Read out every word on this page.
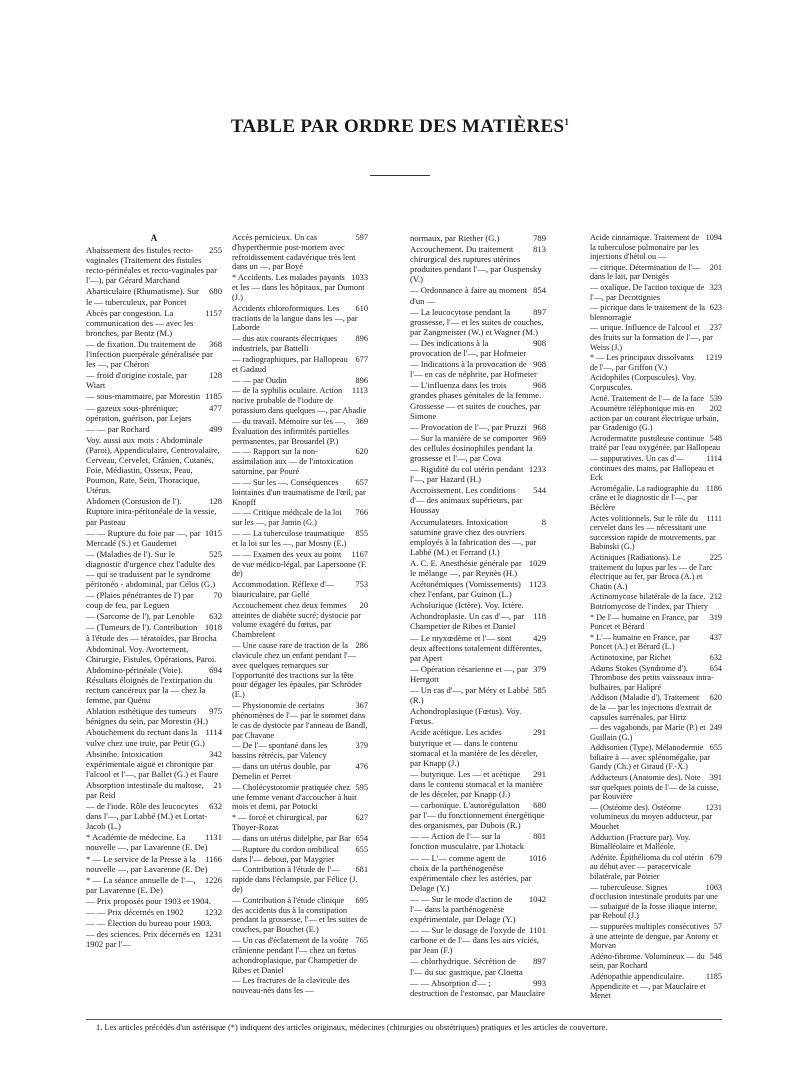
TABLE PAR ORDRE DES MATIÈRES$^1$
A
255
Abaissement des fistules recto-vaginales (Traitement des fistules recto-périnéales et recto-vaginales par l'—), par Gérard Marchand
680
Abarticulaire (Rhumatisme). Sur le — tuberculeux, par Poncet
1157
Abcès par congestion. La communication des — avec les bronches, par Bentz (M.)
368
— de fixation. Du traitement de l'infection puerpérale généralisée par les —, par Chéron
128
— froid d'origine costale, par Wiart
1185
— sous-mammaire, par Morestin
477
— gazeux sous-phrénique; opération, guérison, par Lejars
499
— — par Rochard
Voy. aussi aux mots : Abdominale (Paroi), Appendiculaire, Centrovalaire, Cerveau, Cervelet, Crânien, Cutanés, Foie, Médiastin, Osseux, Peau, Poumon, Rate, Sein, Thoracique, Utérus.
128
Abdomen (Contusion de l'). Rupture intra-péritonéale de la vessie, par Pasteau
1015
— — Rupture du foie par —, par Mercadé (S.) et Gaudemet
525
— (Maladies de l'). Sur le diagnostic d'urgence chez l'adulte des — qui se traduisent par le syndrome péritonéo - abdominal, par Célos (G.)
70
— (Plaies pénétrantes de l') par coup de feu, par Leguen
632
— (Sarcome de l'), par Lenoble
1018
— (Tumeurs de l'). Contribution à l'étude des — tératoïdes, par Brocha
Abdominal. Voy. Avortement, Chirurgie, Fistules, Opérations, Paroi.
694
Abdomino-périnéale (Voie). Résultats éloignés de l'extirpation du rectum cancéreux par la — chez la femme, par Quénu
975
Ablation esthétique des tumeurs bénignes du sein, par Morestin (H.)
1114
Abouchement du rectum dans la vulve chez une truie, par Petit (G.)
342
Absinthe. Intoxication expérimentale aiguë et chronique par l'alcool et l'—, par Ballet (G.) et Faure
21
Absorption intestinale du maltose, par Reid
632
— de l'iode. Rôle des leucocytes dans l'—, par Labbé (M.) et Lortat-Jacob (L.)
1131
* Académie de médecine. La nouvelle —, par Lavarenne (E. De)
1166
* — Le service de la Presse à la nouvelle —, par Lavarenne (E. De)
1226
* — La séance annuelle de l'—, par Lavarenne (E. De)
— Prix proposés pour 1903 et 1904.
1232
— — Prix décernés en 1902
— — Élection du bureau pour 1903.
1231
— des sciences. Prix décernés en 1902 par l'—
597
Accès pernicieux. Un cas d'hyperthermie post-mortem avec refroidissement cadavérique très lent dans un —, par Boyé
1033
* Accidents. Les malades payants et les — dans les hôpitaux, par Dumont (J.)
610
Accidents chloroformiques. Les tractions de la langue dans les —, par Laborde
896
— dus aux courants électriques industriels, par Battelli
677
— radiographiques, par Hallopeau et Gadaud
896
— — par Oudin
1113
— de la syphilis oculaire. Action nocive probable de l'iodure de potassium dans quelques —, par Abadie
369
— du travail. Mémoire sur les —. Évaluation des infirmités partielles permanentes, par Brouardel (P.)
620
— — Rapport sur la non-assimilation aux — de l'intoxication saturnine, par Pouré
657
— — Sur les —. Conséquences lointaines d'un traumatisme de l'œil, par Knopff
766
— — Critique médicale de la loi sur les —, par Jamin (G.)
855
— — La tuberculose traumatique et la loi sur les —, par Mosny (E.)
1167
— — Examen des yeux au point de vue médico-légal, par Lapersonne (F. de)
753
Accommodation. Réflexe d'— biauriculaire, par Gellé
20
Accouchement chez deux femmes atteintes de diabète sucré; dystocie par volume exagéré du fœtus, par Chambrelent
286
— Une cause rare de traction de la clavicule chez un enfant pendant l'— avec quelques remarques sur l'opportunité des tractions sur la tête pour dégager les épaules, par Schröder (E.)
367
— Physionomie de certains phénomènes de l'— par le sommet dans le cas de dystocie par l'anneau de Bandl, par Chavane
379
— De l'— spontané dans les bassins rétrécis, par Valency
476
— dans un utérus double, par Demelin et Perret
595
— Cholécystotomie pratiquée chez une femme venant d'accoucher à huit mois et demi, par Potocki
627
* — forcé et chirurgical, par Thoyer-Rozat
654
— dans un utérus didelphe, par Bar
655
— Rupture du cordon ombilical dans l'— debout, par Maygrier
681
— Contribution à l'étude de l'— rapide dans l'éclampsie, par Félice (J. de)
695
— Contribution à l'étude clinique des accidents dus à la constipation pendant la grossesse, l'— et les suites de couches, par Bouchet (E.)
765
— Un cas d'éclatement de la voûte crânienne pendant l'— chez un fœtus achondroplasique, par Champetier de Ribes et Daniel
— Les fractures de la clavicule des nouveau-nés dans les —
789
normaux, par Riether (G.)
813
Accouchement. Du traitement chirurgical des ruptures utérines produites pendant l'—, par Ouspensky (V.)
854
— Ordonnance à faire au moment d'un —
897
— La leucocytose pendant la grossesse, l'— et les suites de couches, par Zangmeister (W.) et Wagner (M.)
908
— Des indications à la provocation de l'—, par Hofmeier
908
— Indications à la provocation de l'— en cas de néphrite, par Hofmeier
968
— L'influenza dans les trois grandes phases génitales de la femme. Grossesse — et suites de couches, par Simone
968
— Provocation de l'—, par Pruzzi
969
— Sur la manière de se comporter des cellules éosinophiles pendant la grossesse et l'—, par Cova
1233
— Rigidité du col utérin pendant l'—, par Hazard (H.)
544
Accroissement. Les conditions d'— des animaux supérieurs, par Houssay
8
Accumulateurs. Intoxication saturnine grave chez des ouvriers employés à la fabrication des —, par Labbé (M.) et Ferrand (J.)
1029
A. C. E. Anesthésie générale par le mélange —, par Reynès (H.)
1123
Acétonémiques (Vomissements) chez l'enfant, par Guinon (L.)
Acholurique (Ictère). Voy. Ictère.
118
Achondroplasie. Un cas d'—, par Champetier de Ribes et Daniel
429
— Le myxœdème et l'— sont deux affections totalement différentes, par Apert
379
— Opération césarienne et —, par Herrgott
585
— Un cas d'—, par Méry et Labbé (R.)
Achondroplasique (Fœtus). Voy. Fœtus.
291
Acide acétique. Les acides butyrique et — dans le contenu stomacal et la manière de les déceler, par Knapp (J.)
291
— butyrique. Les — et acétique dans le contenu stomacal et la manière de les déceler, par Knapp (J.)
680
— carbonique. L'autorégulation par l'— du fonctionnement énergétique des organismes, par Dubois (R.)
801
— — Action de l'— sur la fonction musculaire, par Lhotack
1016
— — L'— comme agent de choix de la parthénogenèse expérimentale chez les astéries, par Delage (Y.)
1042
— — Sur le mode d'action de l'— dans la parthénogenèse expérimentale, par Delage (Y.)
1101
— — Sur le dosage de l'oxyde de carbone et de l'— dans les airs viciés, par Jean (F.)
897
— chlorhydrique. Sécrétion de l'— du suc gastrique, par Cloetta
993
— — Absorption d'— ; destruction de l'estomac, par Mauclaire
1094
Acide cinnamique. Traitement de la tuberculose pulmonaire par les injections d'hétol ou —
201
— citrique. Détermination de l'— dans le lait, par Denigès
323
— oxalique. De l'action toxique de l'—, par Decottignies
623
— picrique dans le traitement de la blennorragie
237
— urique. Influence de l'alcool et des fruits sur la formation de l'—, par Weiss (J.)
1219
* — Les principaux dissolvants de l'—, par Griffon (V.)
Acidophiles (Corpuscules). Voy. Corpuscules.
539
Acné. Traitement de l'— de la face
202
Acoumètre téléphonique mis en action par un courant électrique urbain, par Gradenigo (G.)
548
Acrodermatite pustuleuse continue traité par l'eau oxygénée, par Hallopeau
1114
— suppuratives. Un cas d'— continues des mains, par Hallopeau et Eck
1186
Acromégalie. La radiographie du crâne et le diagnostic de l'—, par Béclère
1111
Actes volitionnels. Sur le rôle du cervelet dans les — nécessitant une succession rapide de mouvements, par Babinski (G.)
225
Actiniques (Radiations). Le traitement du lupus par les — de l'arc électrique au fer, par Broca (A.) et Chatin (A.)
212
Actinomycose bilatérale de la face. Botriomycose de l'index, par Thiery
319
* De l'— humaine en France, par Poncet et Bérard
437
* L'— humaine en France, par Poncet (A.) et Bérard (L.)
632
Actinotoxine, par Richet
654
Adams Stokes (Syndrome d'). Thrombose des petits vaisseaux intra-bulbaires, par Halipré
620
Addison (Maladie d'). Traitement de la — par les injections d'extrait de capsules surrénales, par Hirtz
249
— des vagabonds, par Marie (P.) et Guillain (G.)
655
Addisonien (Type). Mélanodermie biliaire à — avec splénomégalie, par Gandy (Ch.) et Giraud (F.-X.)
391
Adducteurs (Anatomie des). Note sur quelques points de l'— de la cuisse, par Rouvière
1231
— (Ostéome des). Ostéome volumineux du moyen adducteur, par Mouchet
Adduction (Fracture par). Voy. Bimalléolaire et Malléole.
679
Adénite. Épithélioma du col utérin au début avec — paracervicale bilatérale, par Poirier
1063
— tuberculeuse. Signes d'occlusion intestinale produits par une — subaiguë de la fosse iliaque interne, par Reboul (J.)
57
— suppurées multiples consécutives à une atteinte de dengue, par Antony et Morvan
548
Adéno-fibrome. Volumineux — du sein, par Rochard
1185
Adénopathie appendiculaire. Appendicite et —, par Mauclaire et Menet
1. Les articles précédés d'un astérisque (*) indiquent des articles originaux, médecines (chirurgies ou obstétriques) pratiques et les articles de couverture.
